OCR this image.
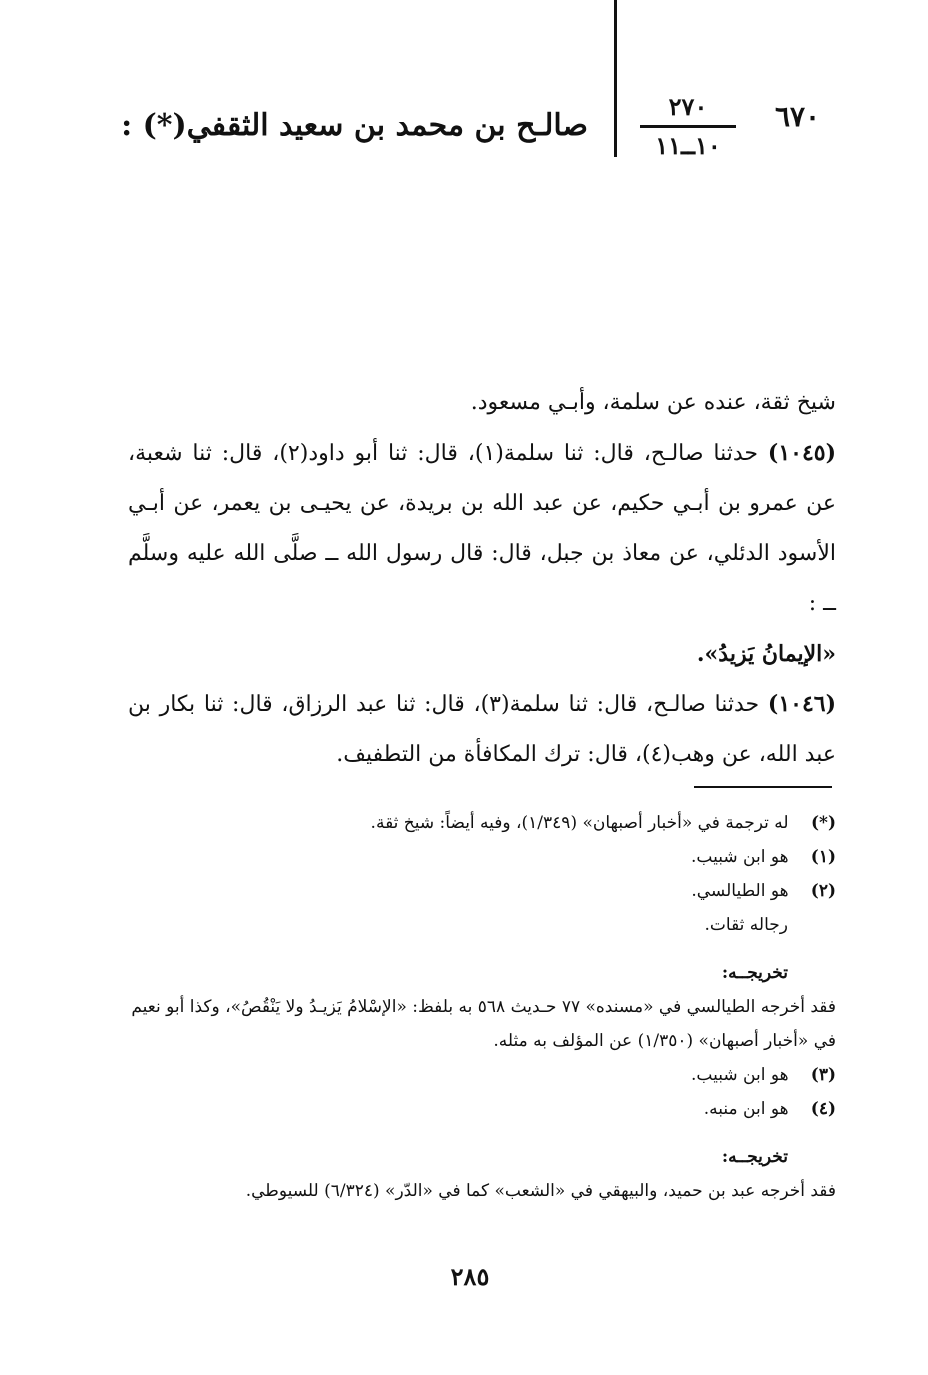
٦٧٠
٢٧٠
١٠ــ١١
صالـح بن محمد بن سعيد الثقفي(*) :

شيخ ثقة، عنده عن سلمة، وأبـي مسعود.

(١٠٤٥) حدثنا صالـح، قال: ثنا سلمة(١)، قال: ثنا أبو داود(٢)، قال: ثنا شعبة، عن عمرو بن أبـي حكيم، عن عبد الله بن بريدة، عن يحيـى بن يعمر، عن أبـي الأسود الدئلي، عن معاذ بن جبل، قال: قال رسول الله ــ صلَّى الله عليه وسلَّم ــ :

«الإيمانُ يَزيدُ».

(١٠٤٦) حدثنا صالـح، قال: ثنا سلمة(٣)، قال: ثنا عبد الرزاق، قال: ثنا بكار بن عبد الله، عن وهب(٤)، قال: ترك المكافأة من التطفيف.

(*) له ترجمة في «أخبار أصبهان» (١/٣٤٩)، وفيه أيضاً: شيخ ثقة.

(١) هو ابن شبيب.

(٢) هو الطيالسي.

رجاله ثقات.

تخريجــه:

فقد أخرجه الطيالسي في «مسنده» ٧٧ حـديث ٥٦٨ به بلفظ: «الإسْلامُ يَزيـدُ ولا يَنْقُصُ»، وكذا أبو نعيم في «أخبار أصبهان» (١/٣٥٠) عن المؤلف به مثله.

(٣) هو ابن شبيب.

(٤) هو ابن منبه.

تخريجــه:

فقد أخرجه عبد بن حميد، والبيهقي في «الشعب» كما في «الدّر» (٦/٣٢٤) للسيوطي.

٢٨٥
